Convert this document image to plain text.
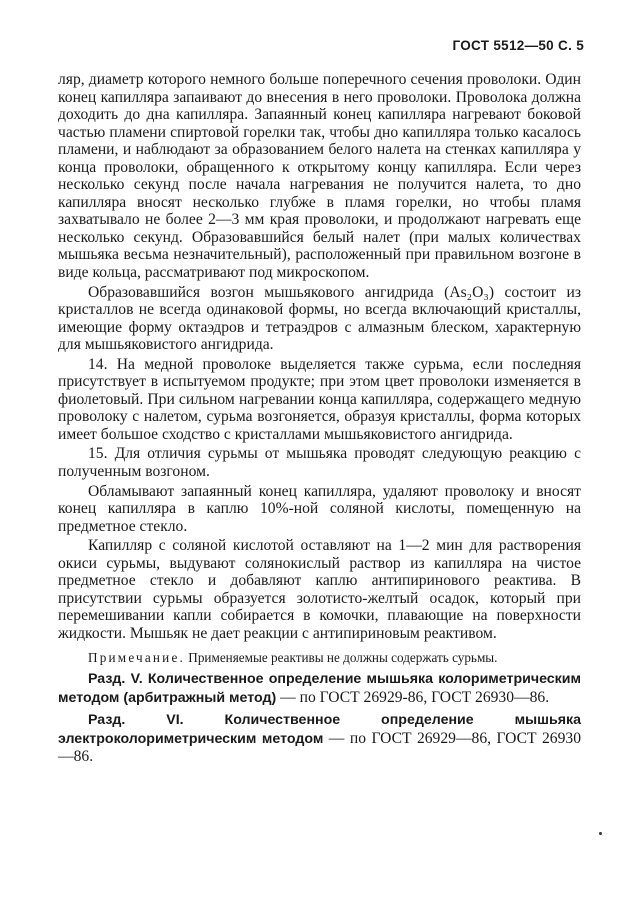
ГОСТ 5512—50 С. 5

ляр, диаметр которого немного больше поперечного сечения проволоки. Один конец капилляра запаивают до внесения в него проволоки. Проволока должна доходить до дна капилляра. Запаянный конец капилляра нагревают боковой частью пламени спиртовой горелки так, чтобы дно капилляра только касалось пламени, и наблюдают за образованием белого налета на стенках капилляра у конца проволоки, обращенного к открытому концу капилляра. Если через несколько секунд после начала нагревания не получится налета, то дно капилляра вносят несколько глубже в пламя горелки, но чтобы пламя захватывало не более 2—3 мм края проволоки, и продолжают нагревать еще несколько секунд. Образовавшийся белый налет (при малых количествах мышьяка весьма незначительный), расположенный при правильном возгоне в виде кольца, рассматривают под микроскопом.

Образовавшийся возгон мышьякового ангидрида (As₂O₃) состоит из кристаллов не всегда одинаковой формы, но всегда включающий кристаллы, имеющие форму октаэдров и тетраэдров с алмазным блеском, характерную для мышьяковистого ангидрида.

14. На медной проволоке выделяется также сурьма, если последняя присутствует в испытуемом продукте; при этом цвет проволоки изменяется в фиолетовый. При сильном нагревании конца капилляра, содержащего медную проволоку с налетом, сурьма возгоняется, образуя кристаллы, форма которых имеет большое сходство с кристаллами мышьяковистого ангидрида.

15. Для отличия сурьмы от мышьяка проводят следующую реакцию с полученным возгоном.

Обламывают запаянный конец капилляра, удаляют проволоку и вносят конец капилляра в каплю 10%-ной соляной кислоты, помещенную на предметное стекло.

Капилляр с соляной кислотой оставляют на 1—2 мин для растворения окиси сурьмы, выдувают солянокислый раствор из капилляра на чистое предметное стекло и добавляют каплю антипиринового реактива. В присутствии сурьмы образуется золотисто-желтый осадок, который при перемешивании капли собирается в комочки, плавающие на поверхности жидкости. Мышьяк не дает реакции с антипириновым реактивом.

Примечание. Применяемые реактивы не должны содержать сурьмы.

Разд. V. Количественное определение мышьяка колориметрическим методом (арбитражный метод) — по ГОСТ 26929-86, ГОСТ 26930—86.

Разд. VI. Количественное определение мышьяка электроколориметрическим методом — по ГОСТ 26929—86, ГОСТ 26930—86.
